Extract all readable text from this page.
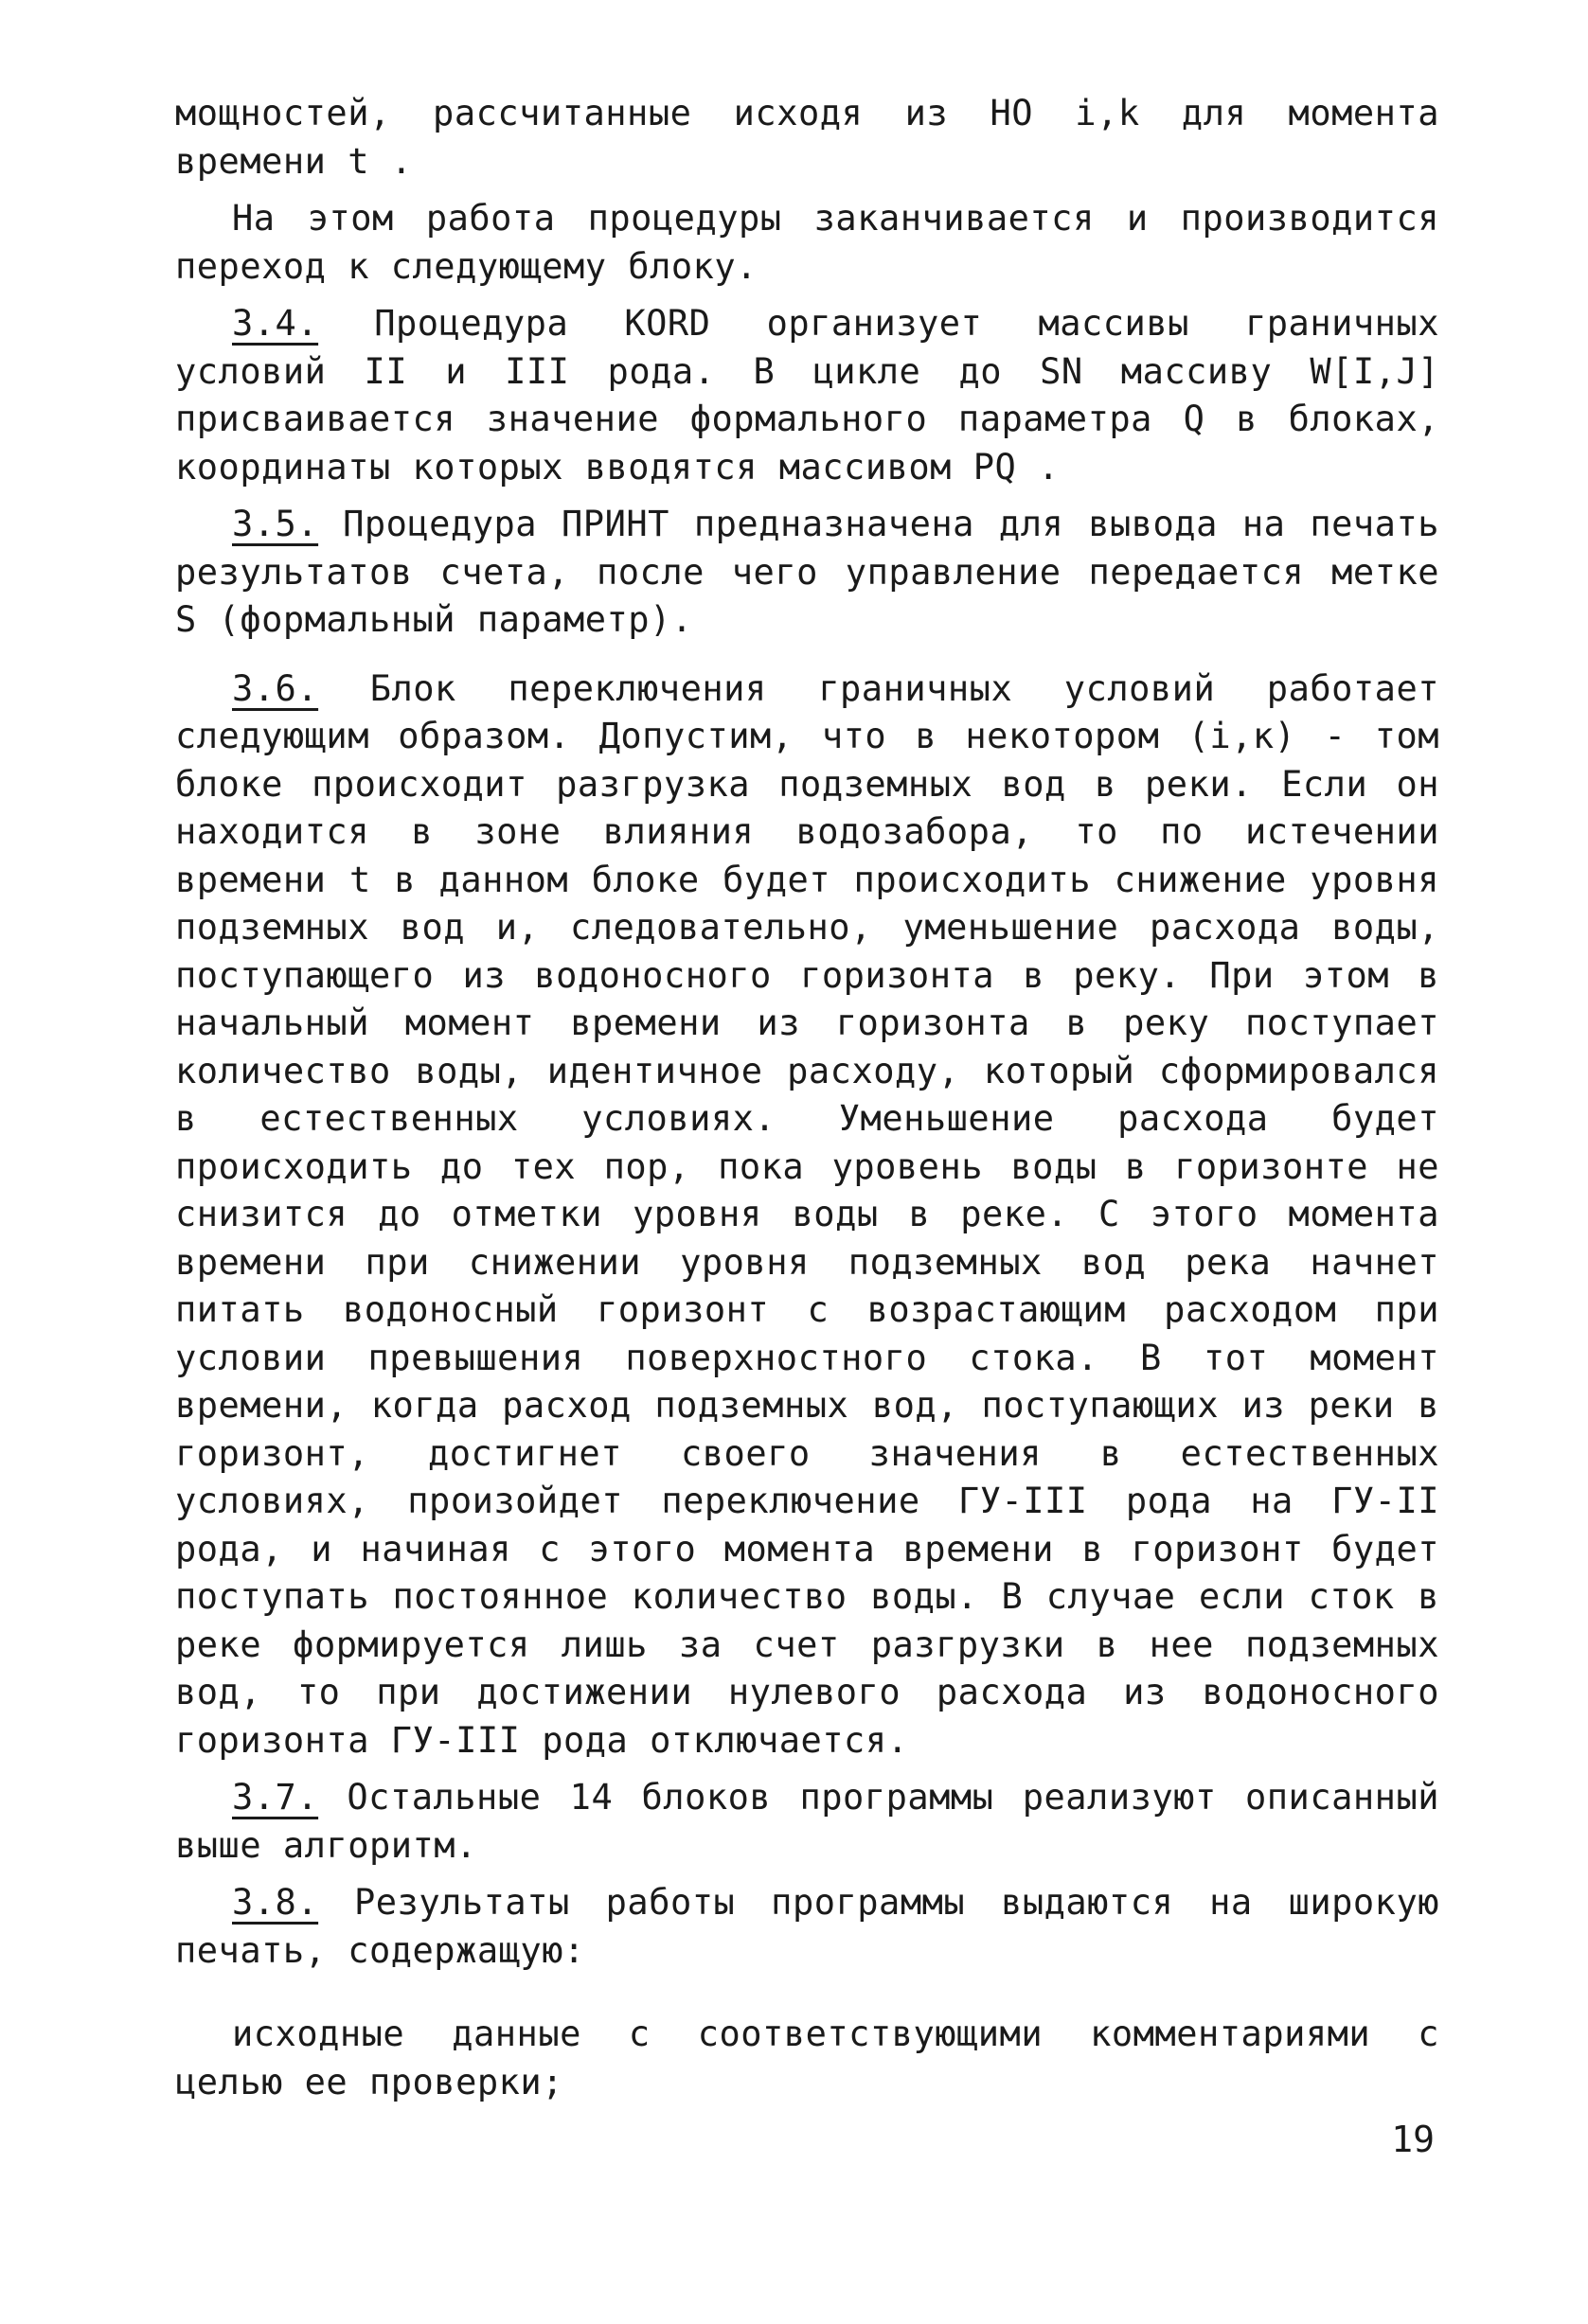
мощностей, рассчитанные исходя из HO i,k для момента времени t .

На этом работа процедуры заканчивается и производится переход к следующему блоку.

3.4. Процедура KORD организует массивы граничных условий II и III рода. В цикле до SN массиву W[I,J] присваивается значение формального параметра Q в блоках, координаты которых вводятся массивом PQ .

3.5. Процедура ПРИНТ предназначена для вывода на печать результатов счета, после чего управление передается метке S (формальный параметр).

3.6. Блок переключения граничных условий работает следующим образом. Допустим, что в некотором (i,к) - том блоке происходит разгрузка подземных вод в реки. Если он находится в зоне влияния водозабора, то по истечении времени t в данном блоке будет происходить снижение уровня подземных вод и, следовательно, уменьшение расхода воды, поступающего из водоносного горизонта в реку. При этом в начальный момент времени из горизонта в реку поступает количество воды, идентичное расходу, который сформировался в естественных условиях. Уменьшение расхода будет происходить до тех пор, пока уровень воды в горизонте не снизится до отметки уровня воды в реке. С этого момента времени при снижении уровня подземных вод река начнет питать водоносный горизонт с возрастающим расходом при условии превышения поверхностного стока. В тот момент времени, когда расход подземных вод, поступающих из реки в горизонт, достигнет своего значения в естественных условиях, произойдет переключение ГУ-III рода на ГУ-II рода, и начиная с этого момента времени в горизонт будет поступать постоянное количество воды. В случае если сток в реке формируется лишь за счет разгрузки в нее подземных вод, то при достижении нулевого расхода из водоносного горизонта ГУ-III рода отключается.

3.7. Остальные 14 блоков программы реализуют описанный выше алгоритм.

3.8. Результаты работы программы выдаются на широкую печать, содержащую:

исходные данные с соответствующими комментариями с целью ее проверки;

19
